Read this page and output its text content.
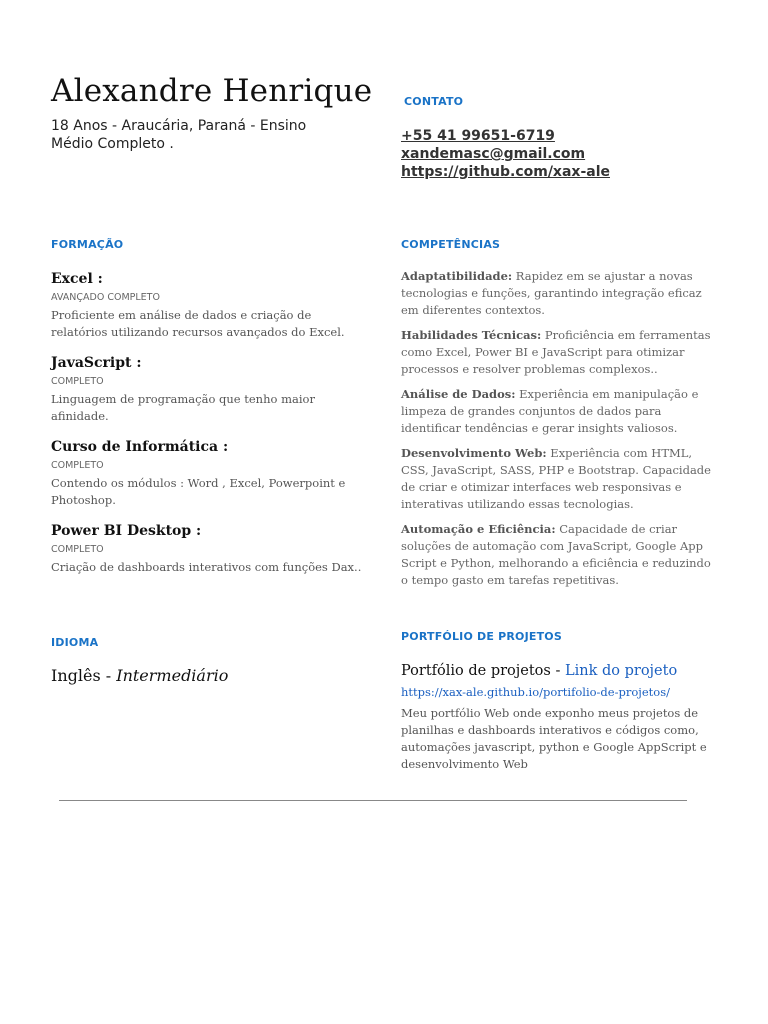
Alexandre Henrique
18 Anos - Araucária, Paraná - Ensino Médio Completo .
CONTATO
+55 41 99651-6719
xandemasc@gmail.com
https://github.com/xax-ale
FORMAÇÃO
Excel :
AVANÇADO COMPLETO
Proficiente em análise de dados e criação de relatórios utilizando recursos avançados do Excel.
JavaScript :
COMPLETO
Linguagem de programação que tenho maior afinidade.
Curso de Informática :
COMPLETO
Contendo os módulos : Word , Excel, Powerpoint e Photoshop.
Power BI Desktop :
COMPLETO
Criação de dashboards interativos com funções Dax..
COMPETÊNCIAS
Adaptatibilidade: Rapidez em se ajustar a novas tecnologias e funções, garantindo integração eficaz em diferentes contextos.
Habilidades Técnicas: Proficiência em ferramentas como Excel, Power BI e JavaScript para otimizar processos e resolver problemas complexos..
Análise de Dados: Experiência em manipulação e limpeza de grandes conjuntos de dados para identificar tendências e gerar insights valiosos.
Desenvolvimento Web: Experiência com HTML, CSS, JavaScript, SASS, PHP e Bootstrap. Capacidade de criar e otimizar interfaces web responsivas e interativas utilizando essas tecnologias.
Automação e Eficiência: Capacidade de criar soluções de automação com JavaScript, Google App Script e Python, melhorando a eficiência e reduzindo o tempo gasto em tarefas repetitivas.
IDIOMA
Inglês - Intermediário
PORTFÓLIO DE PROJETOS
Portfólio de projetos - Link do projeto
https://xax-ale.github.io/portifolio-de-projetos/
Meu portfólio Web onde exponho meus projetos de planilhas e dashboards interativos e códigos como, automações javascript, python e Google AppScript e desenvolvimento Web
